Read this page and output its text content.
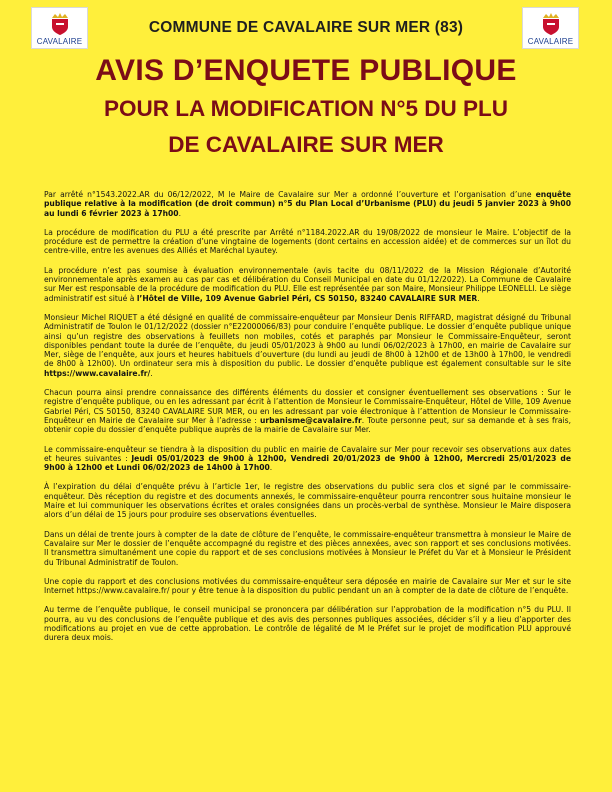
CAVALAIRE	CAVALAIRE
COMMUNE DE CAVALAIRE SUR MER (83)
AVIS D’ENQUETE PUBLIQUE
POUR LA MODIFICATION N°5 DU PLU
DE CAVALAIRE SUR MER

Par arrêté n°1543.2022.AR du 06/12/2022, M le Maire de Cavalaire sur Mer a ordonné l’ouverture et l’organisation d’une enquête publique relative à la modification (de droit commun) n°5 du Plan Local d’Urbanisme (PLU) du jeudi 5 janvier 2023 à 9h00 au lundi 6 février 2023 à 17h00.

La procédure de modification du PLU a été prescrite par Arrêté n°1184.2022.AR du 19/08/2022 de monsieur le Maire. L’objectif de la procédure est de permettre la création d’une vingtaine de logements (dont certains en accession aidée) et de commerces sur un îlot du centre-ville, entre les avenues des Alliés et Maréchal Lyautey.

La procédure n’est pas soumise à évaluation environnementale (avis tacite du 08/11/2022 de la Mission Régionale d’Autorité environnementale après examen au cas par cas et délibération du Conseil Municipal en date du 01/12/2022). La Commune de Cavalaire sur Mer est responsable de la procédure de modification du PLU. Elle est représentée par son Maire, Monsieur Philippe LEONELLI. Le siège administratif est situé à l’Hôtel de Ville, 109 Avenue Gabriel Péri, CS 50150, 83240 CAVALAIRE SUR MER.

Monsieur Michel RIQUET a été désigné en qualité de commissaire-enquêteur par Monsieur Denis RIFFARD, magistrat désigné du Tribunal Administratif de Toulon le 01/12/2022 (dossier n°E22000066/83) pour conduire l’enquête publique. Le dossier d’enquête publique unique ainsi qu’un registre des observations à feuillets non mobiles, cotés et paraphés par Monsieur le Commissaire-Enquêteur, seront disponibles pendant toute la durée de l’enquête, du jeudi 05/01/2023 à 9h00 au lundi 06/02/2023 à 17h00, en mairie de Cavalaire sur Mer, siège de l’enquête, aux jours et heures habituels d’ouverture (du lundi au jeudi de 8h00 à 12h00 et de 13h00 à 17h00, le vendredi de 8h00 à 12h00). Un ordinateur sera mis à disposition du public. Le dossier d’enquête publique est également consultable sur le site https://www.cavalaire.fr/.

Chacun pourra ainsi prendre connaissance des différents éléments du dossier et consigner éventuellement ses observations : Sur le registre d’enquête publique, ou en les adressant par écrit à l’attention de Monsieur le Commissaire-Enquêteur, Hôtel de Ville, 109 Avenue Gabriel Péri, CS 50150, 83240 CAVALAIRE SUR MER, ou en les adressant par voie électronique à l’attention de Monsieur le Commissaire-Enquêteur en Mairie de Cavalaire sur Mer à l’adresse : urbanisme@cavalaire.fr. Toute personne peut, sur sa demande et à ses frais, obtenir copie du dossier d’enquête publique auprès de la mairie de Cavalaire sur Mer.

Le commissaire-enquêteur se tiendra à la disposition du public en mairie de Cavalaire sur Mer pour recevoir ses observations aux dates et heures suivantes : Jeudi 05/01/2023 de 9h00 à 12h00, Vendredi 20/01/2023 de 9h00 à 12h00, Mercredi 25/01/2023 de 9h00 à 12h00 et Lundi 06/02/2023 de 14h00 à 17h00.

À l’expiration du délai d’enquête prévu à l’article 1er, le registre des observations du public sera clos et signé par le commissaire-enquêteur. Dès réception du registre et des documents annexés, le commissaire-enquêteur pourra rencontrer sous huitaine monsieur le Maire et lui communiquer les observations écrites et orales consignées dans un procès-verbal de synthèse. Monsieur le Maire disposera alors d’un délai de 15 jours pour produire ses observations éventuelles.

Dans un délai de trente jours à compter de la date de clôture de l’enquête, le commissaire-enquêteur transmettra à monsieur le Maire de Cavalaire sur Mer le dossier de l’enquête accompagné du registre et des pièces annexées, avec son rapport et ses conclusions motivées. Il transmettra simultanément une copie du rapport et de ses conclusions motivées à Monsieur le Préfet du Var et à Monsieur le Président du Tribunal Administratif de Toulon.

Une copie du rapport et des conclusions motivées du commissaire-enquêteur sera déposée en mairie de Cavalaire sur Mer et sur le site Internet https://www.cavalaire.fr/ pour y être tenue à la disposition du public pendant un an à compter de la date de clôture de l’enquête.

Au terme de l’enquête publique, le conseil municipal se prononcera par délibération sur l’approbation de la modification n°5 du PLU. Il pourra, au vu des conclusions de l’enquête publique et des avis des personnes publiques associées, décider s’il y a lieu d’apporter des modifications au projet en vue de cette approbation. Le contrôle de légalité de M le Préfet sur le projet de modification PLU approuvé durera deux mois.
